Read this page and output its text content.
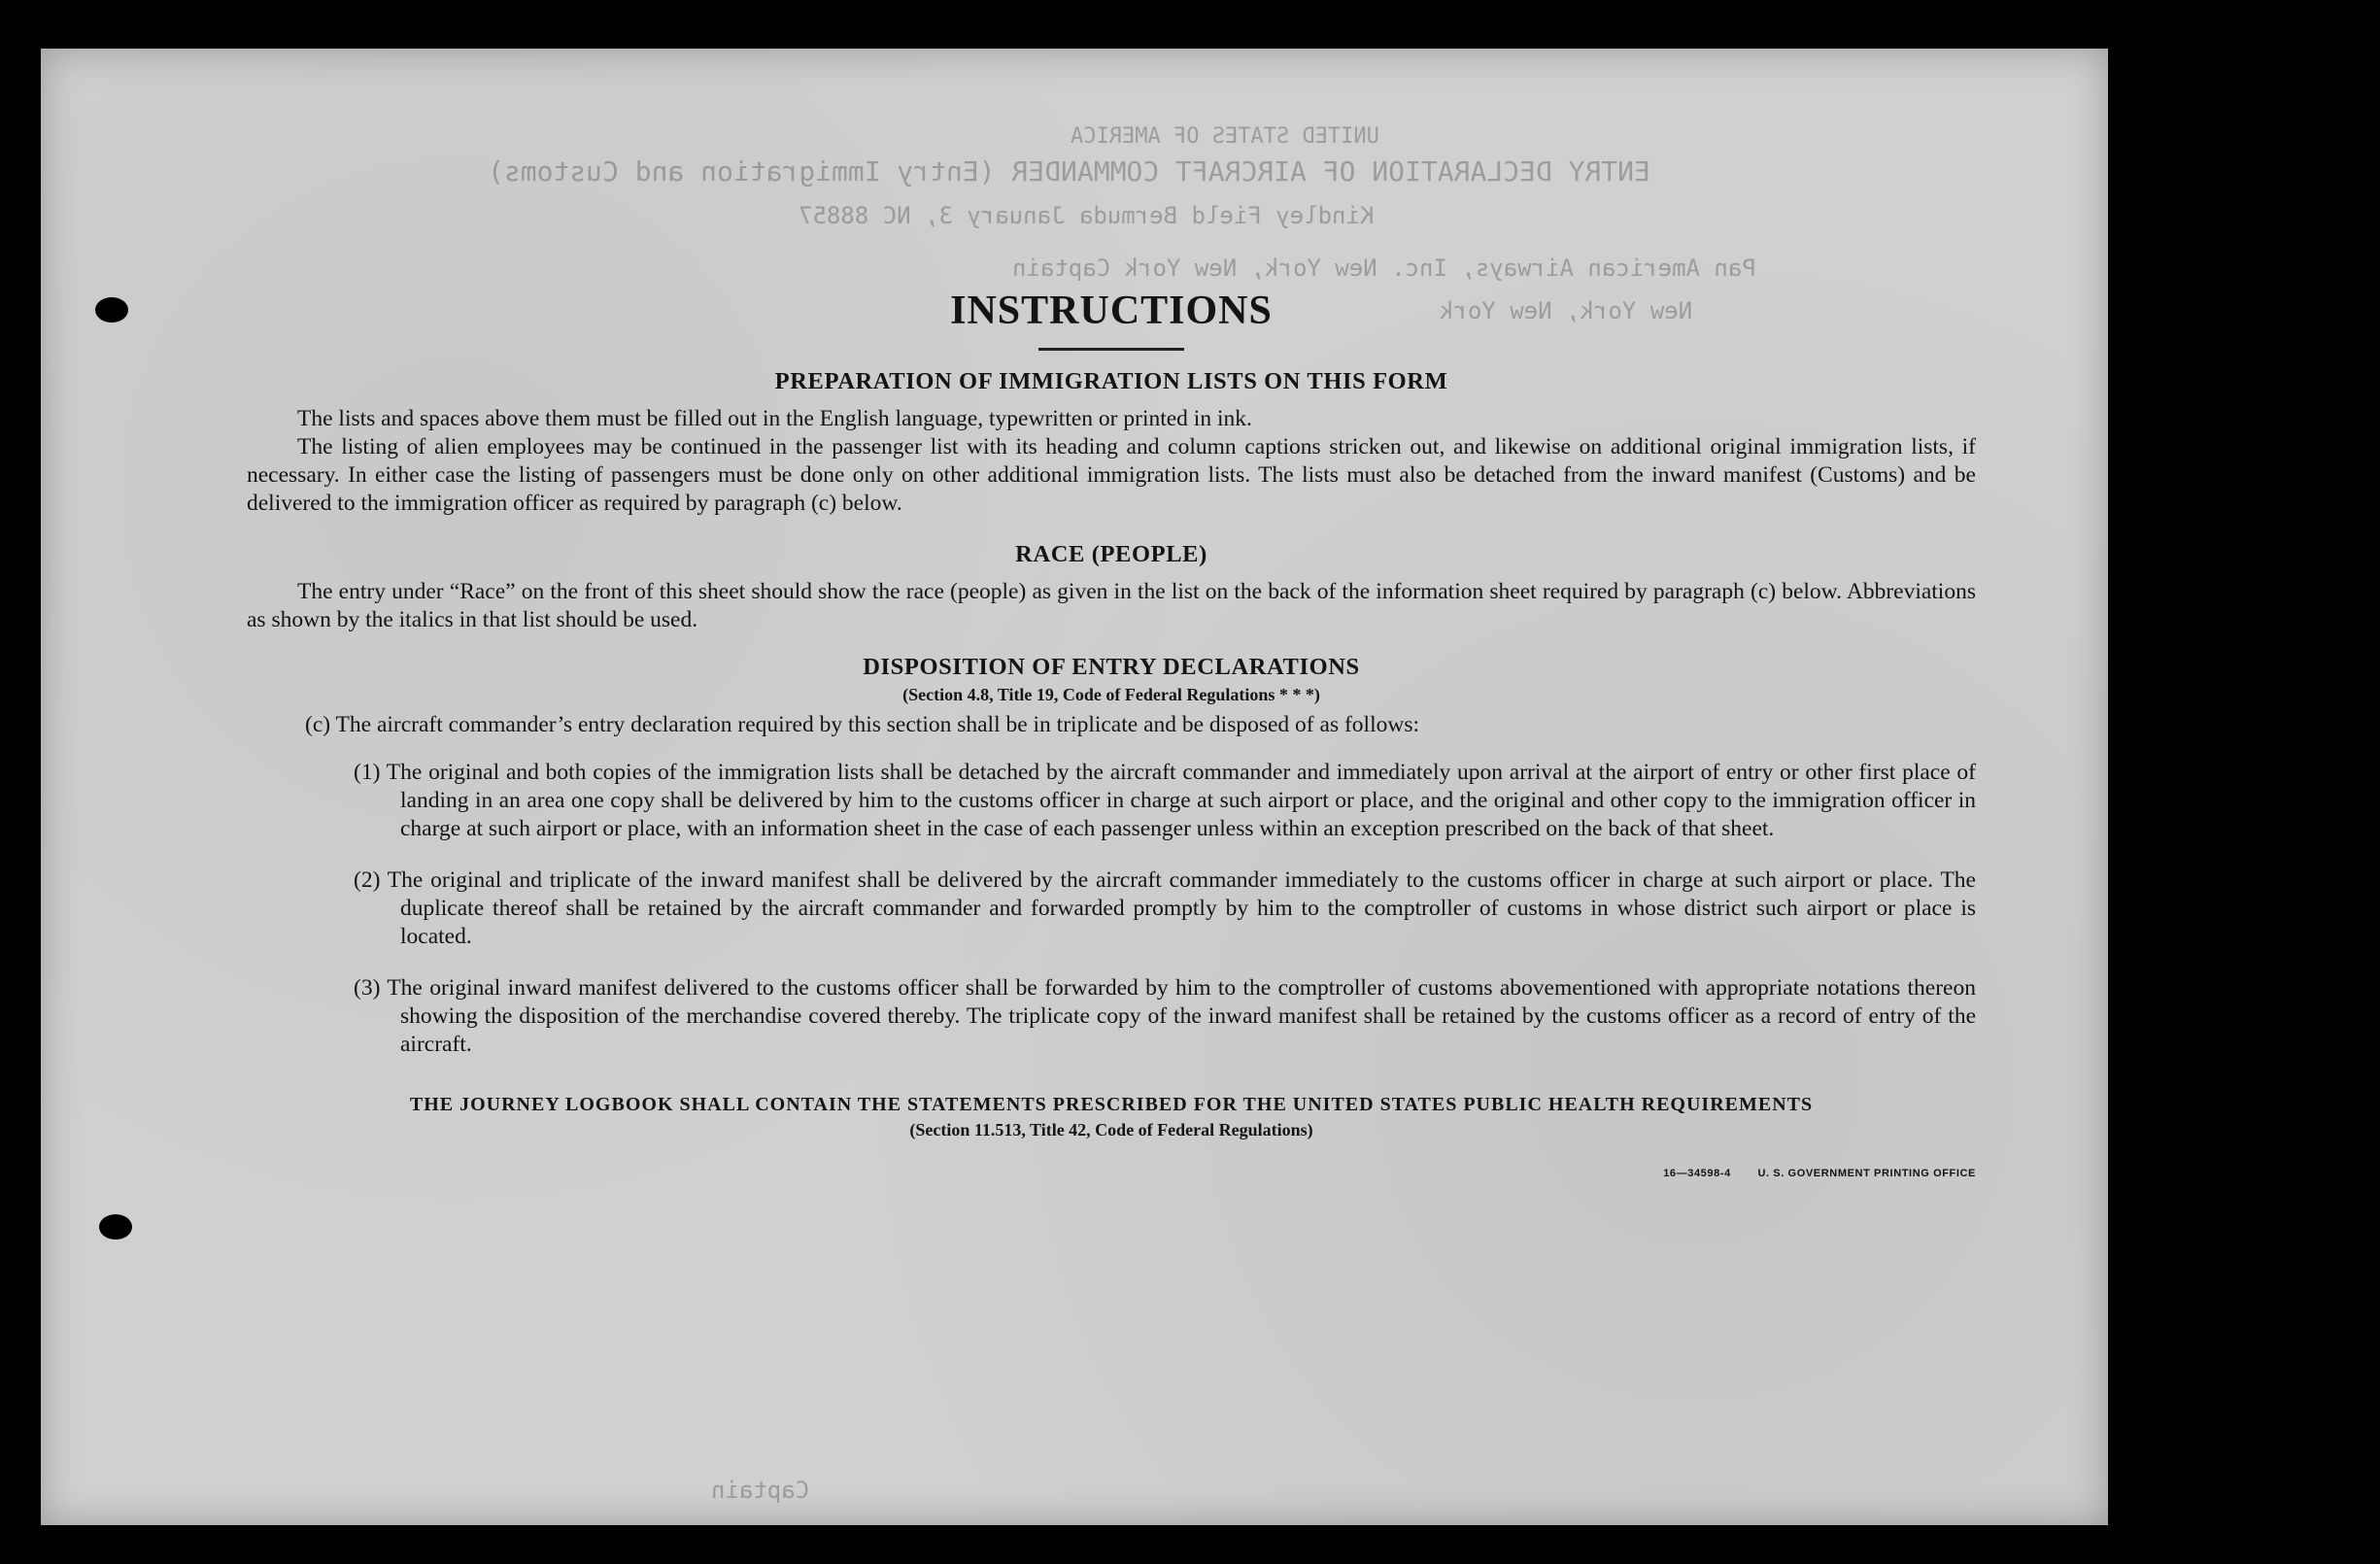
UNITED STATES OF AMERICA
ENTRY DECLARATION OF AIRCRAFT COMMANDER (Entry Immigration and Customs)
Kindley Field Bermuda January 3, NC 88857
Pan American Airways, Inc. New York, New York Captain
New York, New York
Captain
INSTRUCTIONS
PREPARATION OF IMMIGRATION LISTS ON THIS FORM

The lists and spaces above them must be filled out in the English language, typewritten or printed in ink.

The listing of alien employees may be continued in the passenger list with its heading and column captions stricken out, and likewise on additional original immigration lists, if necessary. In either case the listing of passengers must be done only on other additional immigration lists. The lists must also be detached from the inward manifest (Customs) and be delivered to the immigration officer as required by paragraph (c) below.

RACE (PEOPLE)

The entry under “Race” on the front of this sheet should show the race (people) as given in the list on the back of the information sheet required by paragraph (c) below. Abbreviations as shown by the italics in that list should be used.

DISPOSITION OF ENTRY DECLARATIONS
(Section 4.8, Title 19, Code of Federal Regulations * * *)

(c) The aircraft commander’s entry declaration required by this section shall be in triplicate and be disposed of as follows:

(1) The original and both copies of the immigration lists shall be detached by the aircraft commander and immediately upon arrival at the airport of entry or other first place of landing in an area one copy shall be delivered by him to the customs officer in charge at such airport or place, and the original and other copy to the immigration officer in charge at such airport or place, with an information sheet in the case of each passenger unless within an exception prescribed on the back of that sheet.

(2) The original and triplicate of the inward manifest shall be delivered by the aircraft commander immediately to the customs officer in charge at such airport or place. The duplicate thereof shall be retained by the aircraft commander and forwarded promptly by him to the comptroller of customs in whose district such airport or place is located.

(3) The original inward manifest delivered to the customs officer shall be forwarded by him to the comptroller of customs abovementioned with appropriate notations thereon showing the disposition of the merchandise covered thereby. The triplicate copy of the inward manifest shall be retained by the customs officer as a record of entry of the aircraft.

THE JOURNEY LOGBOOK SHALL CONTAIN THE STATEMENTS PRESCRIBED FOR THE UNITED STATES PUBLIC HEALTH REQUIREMENTS
(Section 11.513, Title 42, Code of Federal Regulations)
16—34598-4	U. S. GOVERNMENT PRINTING OFFICE
